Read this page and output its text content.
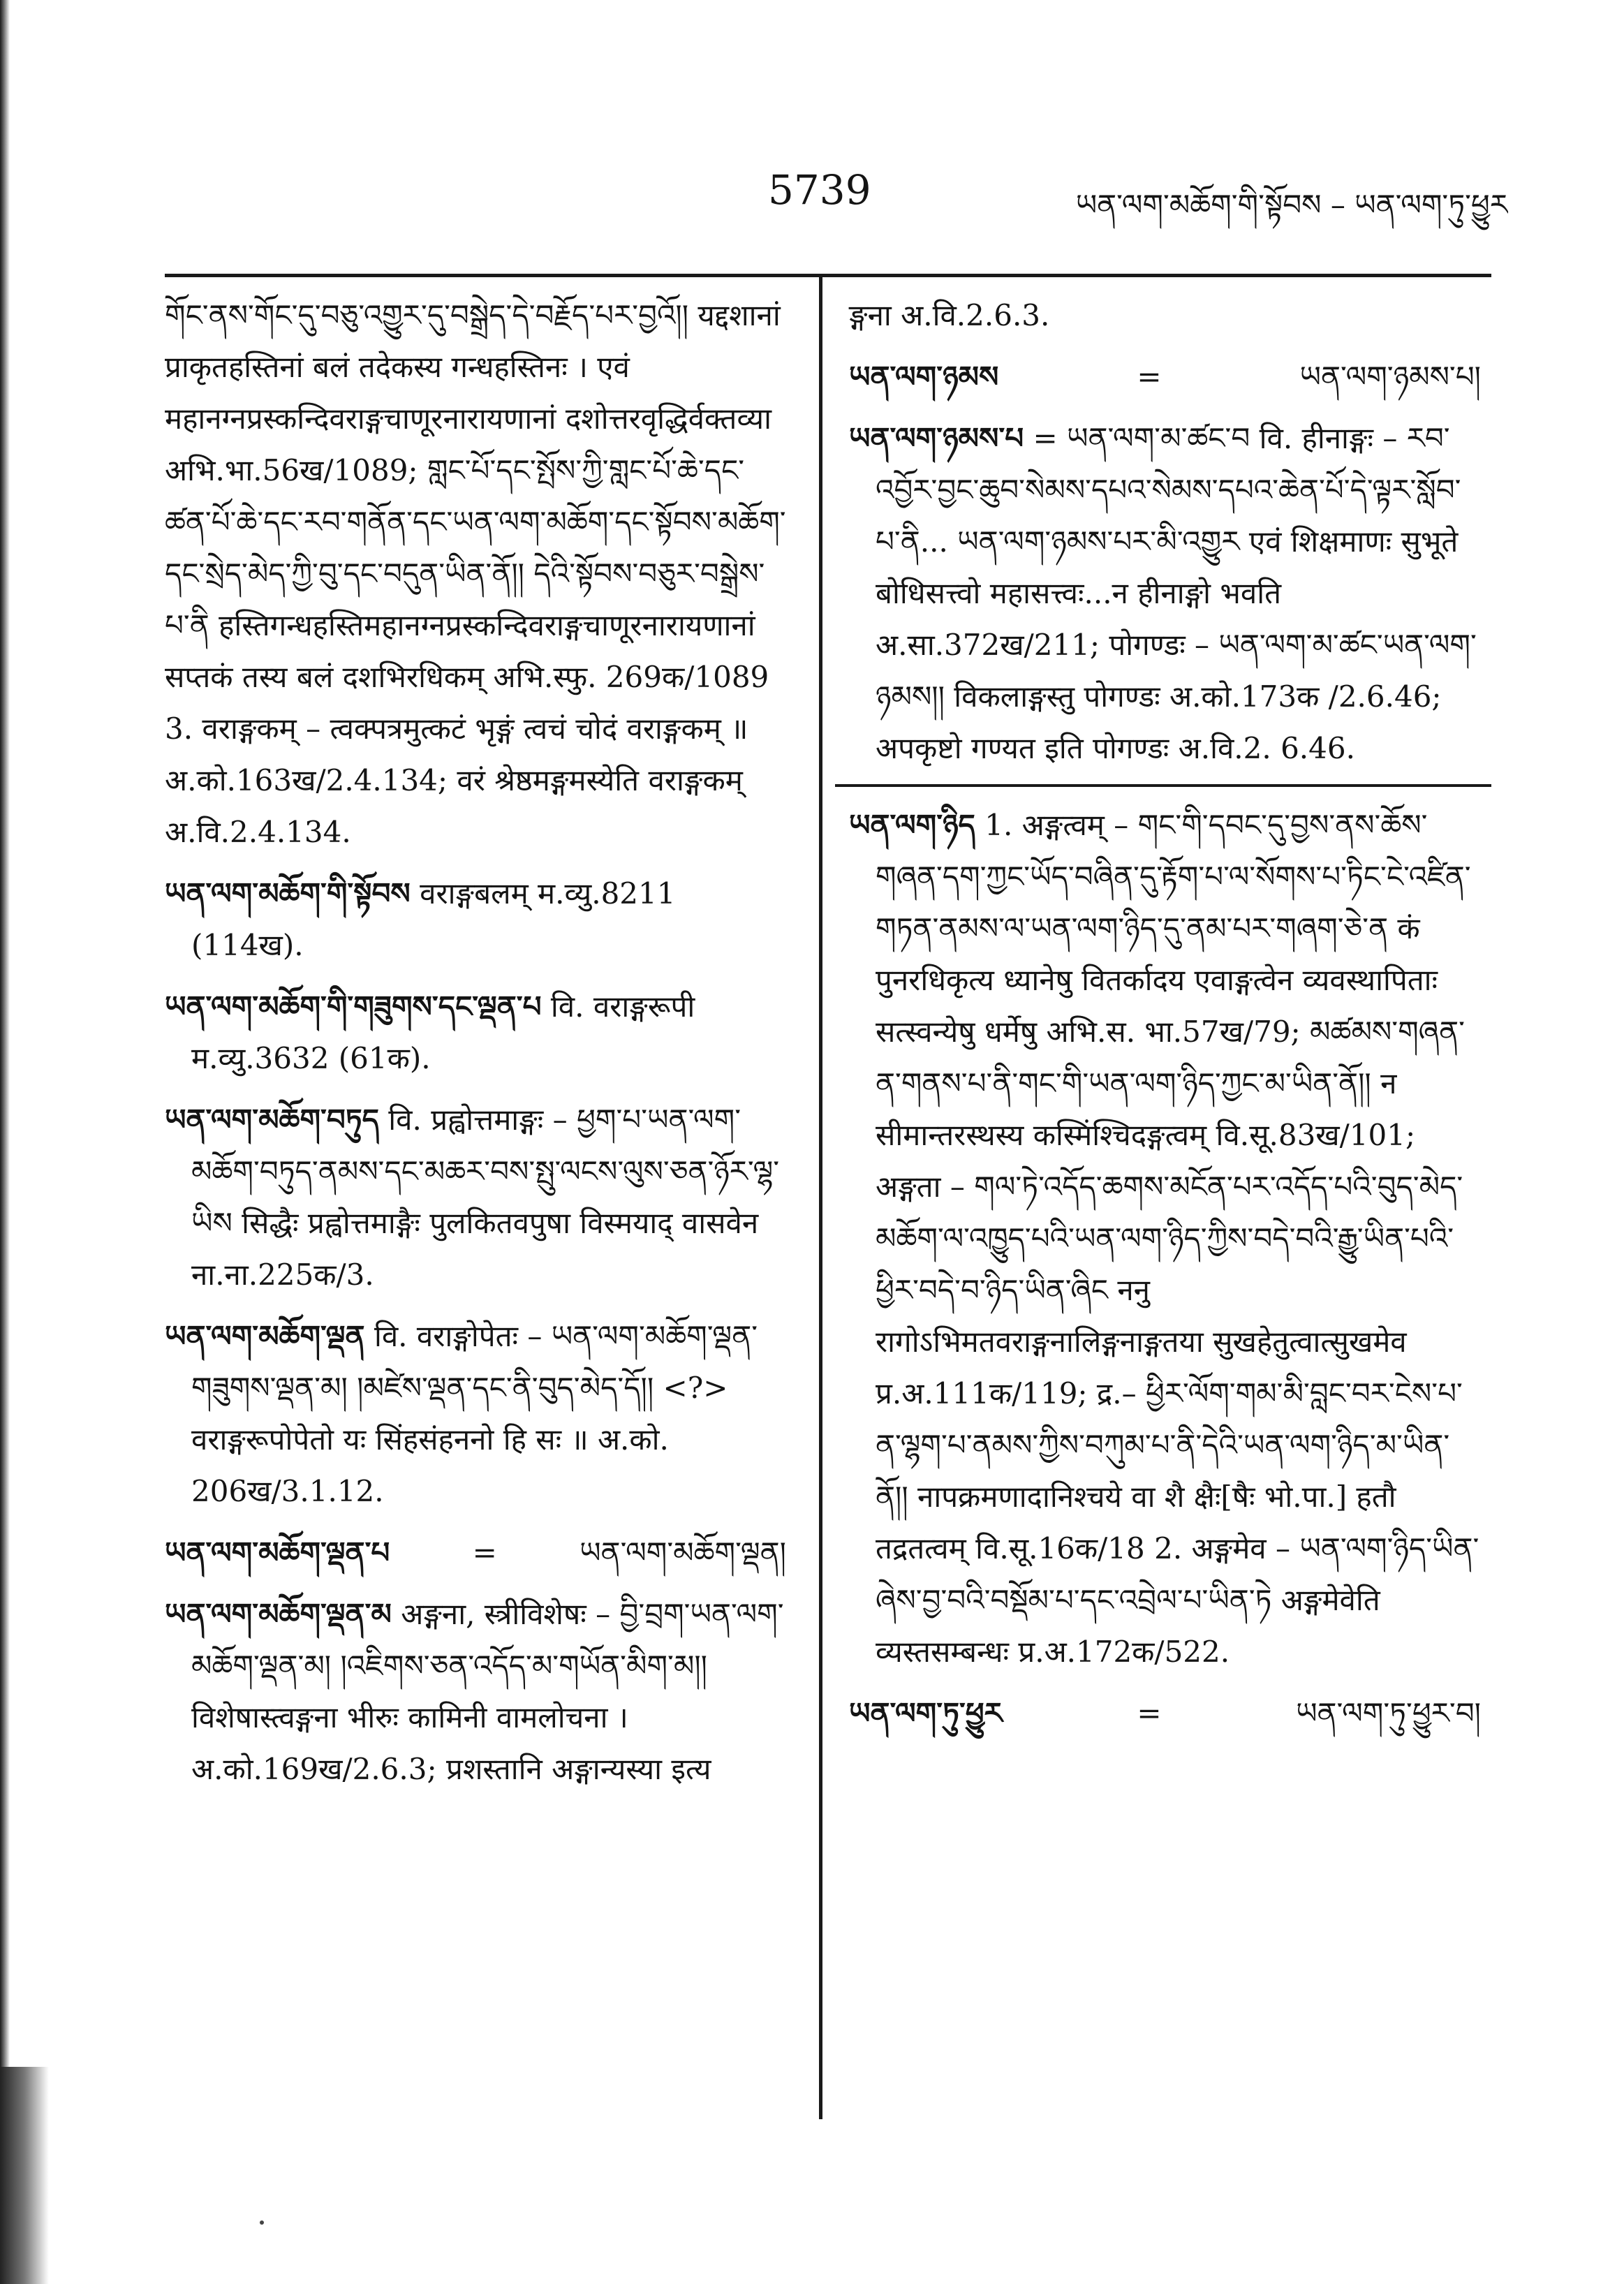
5739	ཡན་ལག་མཆོག་གི་སྟོབས – ཡན་ལག་ཏུ་ཕྱུར

གོང་ནས་གོང་དུ་བཅུ་འགྱུར་དུ་བསྒྲེད་དེ་བརྗོད་པར་བྱའོ།། यद्दशानां प्राकृतहस्तिनां बलं तदेकस्य गन्धहस्तिनः । एवं महानग्नप्रस्कन्दिवराङ्गचाणूरनारायणानां दशोत्तरवृद्धिर्वक्तव्या अभि.भा.56ख/1089; གླང་པོ་དང་སྤོས་ཀྱི་གླང་པོ་ཆེ་དང་ཚན་པོ་ཆེ་དང་རབ་གནོན་དང་ཡན་ལག་མཆོག་དང་སྟོབས་མཆོག་དང་སྲེད་མེད་ཀྱི་བུ་དང་བདུན་ཡིན་ནོ།། དེའི་སྟོབས་བཅུར་བསྒྲེས་པ་ནི हस्तिगन्धहस्तिमहानग्नप्रस्कन्दिवराङ्गचाणूरनारायणानां सप्तकं तस्य बलं दशभिरधिकम् अभि.स्फु. 269क/1089 3. वराङ्गकम् – त्वक्पत्रमुत्कटं भृङ्गं त्वचं चोदं वराङ्गकम् ॥ अ.को.163ख/2.4.134; वरं श्रेष्ठमङ्गमस्येति वराङ्गकम् अ.वि.2.4.134.

ཡན་ལག་མཆོག་གི་སྟོབས वराङ्गबलम् म.व्यु.8211 (114ख).

ཡན་ལག་མཆོག་གི་གཟུགས་དང་ལྡན་པ वि. वराङ्गरूपी म.व्यु.3632 (61क).

ཡན་ལག་མཆོག་བཏུད वि. प्रह्वोत्तमाङ्गः – ཕྱག་པ་ཡན་ལག་མཆོག་བཏུད་ནམས་དང་མཆར་བས་སྤུ་ལངས་ལུས་ཅན་ཉོར་ལྷ་ཡིས सिद्धैः प्रह्वोत्तमाङ्गैः पुलकितवपुषा विस्मयाद् वासवेन ना.ना.225क/3.

ཡན་ལག་མཆོག་ལྡན वि. वराङ्गोपेतः – ཡན་ལག་མཆོག་ལྡན་གཟུགས་ལྡན་མ། །མཛེས་ལྡན་དང་ནི་བུད་མེད་དོ།། <?> वराङ्गरूपोपेतो यः सिंहसंहननो हि सः ॥ अ.को. 206ख/3.1.12.

ཡན་ལག་མཆོག་ལྡན་པ	=	ཡན་ལག་མཆོག་ལྡན།

ཡན་ལག་མཆོག་ལྡན་མ अङ्गना, स्त्रीविशेषः – བྱི་བྲག་ཡན་ལག་མཆོག་ལྡན་མ། །འཇིགས་ཅན་འདོད་མ་གཡོན་མིག་མ།། विशेषास्त्वङ्गना भीरुः कामिनी वामलोचना । अ.को.169ख/2.6.3; प्रशस्तानि अङ्गान्यस्या इत्य

ङ्गना अ.वि.2.6.3.

ཡན་ལག་ཉམས	=	ཡན་ལག་ཉམས་པ།

ཡན་ལག་ཉམས་པ = ཡན་ལག་མ་ཚང་བ वि. हीनाङ्गः – རབ་འབྱོར་བྱང་ཆུབ་སེམས་དཔའ་སེམས་དཔའ་ཆེན་པོ་དེ་ལྟར་སློབ་པ་ནི... ཡན་ལག་ཉམས་པར་མི་འགྱུར एवं शिक्षमाणः सुभूते बोधिसत्त्वो महासत्त्वः...न हीनाङ्गो भवति अ.सा.372ख/211; पोगण्डः – ཡན་ལག་མ་ཚང་ཡན་ལག་ཉམས།། विकलाङ्गस्तु पोगण्डः अ.को.173क /2.6.46; अपकृष्टो गण्यत इति पोगण्डः अ.वि.2. 6.46.

ཡན་ལག་ཉིད 1. अङ्गत्वम् – གང་གི་དབང་དུ་བྱས་ནས་ཆོས་གཞན་དག་ཀྱང་ཡོད་བཞིན་དུ་རྟོག་པ་ལ་སོགས་པ་ཏིང་ངེ་འཛིན་གཏན་ནམས་ལ་ཡན་ལག་ཉིད་དུ་ནམ་པར་གཞག་ཅེ་ན कं पुनरधिकृत्य ध्यानेषु वितर्कादय एवाङ्गत्वेन व्यवस्थापिताः सत्स्वन्येषु धर्मेषु अभि.स. भा.57ख/79; མཚམས་གཞན་ན་གནས་པ་ནི་གང་གི་ཡན་ལག་ཉིད་ཀྱང་མ་ཡིན་ནོ།། न सीमान्तरस्थस्य कस्मिंश्चिदङ्गत्वम् वि.सू.83ख/101; अङ्गता – གལ་ཏེ་འདོད་ཆགས་མངོན་པར་འདོད་པའི་བུད་མེད་མཆོག་ལ་འཁྱུད་པའི་ཡན་ལག་ཉིད་ཀྱིས་བདེ་བའི་རྒྱུ་ཡིན་པའི་ཕྱིར་བདེ་བ་ཉིད་ཡིན་ཞིང ननु रागोऽभिमतवराङ्गनालिङ्गनाङ्गतया सुखहेतुत्वात्सुखमेव प्र.अ.111क/119; द्र.– ཕྱིར་ལོག་གམ་མི་བླང་བར་ངེས་པ་ན་ལྷག་པ་ནམས་ཀྱིས་བཀུམ་པ་ནི་དེའི་ཡན་ལག་ཉིད་མ་ཡིན་ནོ།། नापक्रमणादानिश्चये वा शै क्षैः[षैः भो.पा.] हतौ तद्रतत्वम् वि.सू.16क/18 2. अङ्गमेव – ཡན་ལག་ཉིད་ཡིན་ཞེས་བྱ་བའི་བསྡོམ་པ་དང་འབྲེལ་པ་ཡིན་ཏེ अङ्गमेवेति व्यस्तसम्बन्धः प्र.अ.172क/522.

ཡན་ལག་ཏུ་ཕྱུར	=	ཡན་ལག་ཏུ་ཕྱུར་བ།
